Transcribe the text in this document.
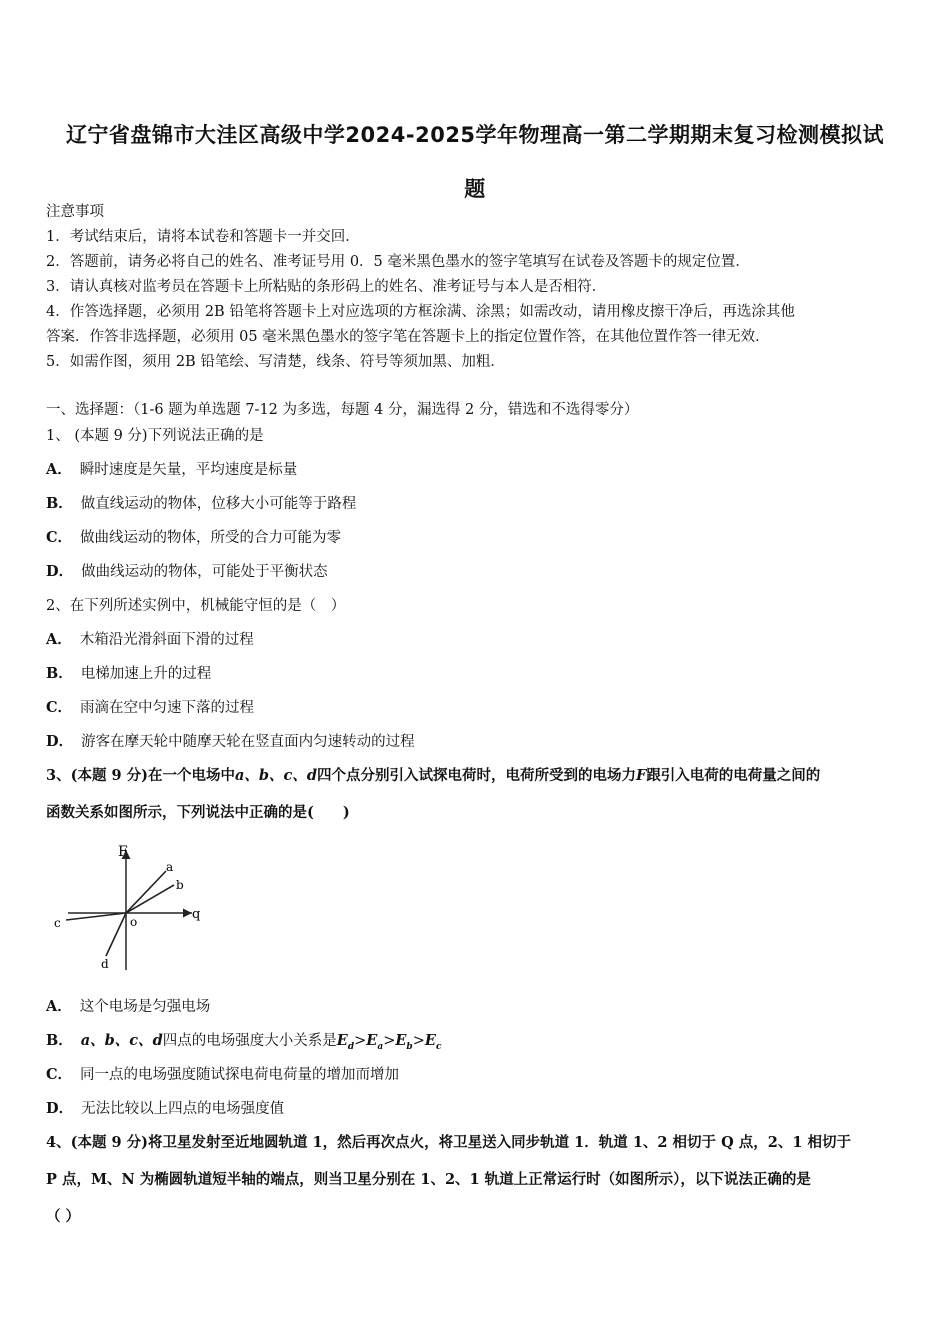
辽宁省盘锦市大洼区高级中学2024-2025学年物理高一第二学期期末复习检测模拟试
题
注意事项
1．考试结束后，请将本试卷和答题卡一并交回．
2．答题前，请务必将自己的姓名、准考证号用 0．5 毫米黑色墨水的签字笔填写在试卷及答题卡的规定位置．
3．请认真核对监考员在答题卡上所粘贴的条形码上的姓名、准考证号与本人是否相符．
4．作答选择题，必须用 2B 铅笔将答题卡上对应选项的方框涂满、涂黑；如需改动，请用橡皮擦干净后，再选涂其他
答案．作答非选择题，必须用 05 毫米黑色墨水的签字笔在答题卡上的指定位置作答，在其他位置作答一律无效．
5．如需作图，须用 2B 铅笔绘、写清楚，线条、符号等须加黑、加粗．
一、选择题：（1-6 题为单选题 7-12 为多选，每题 4 分，漏选得 2 分，错选和不选得零分）
1、 (本题 9 分)下列说法正确的是
A． 瞬时速度是矢量，平均速度是标量
B． 做直线运动的物体，位移大小可能等于路程
C． 做曲线运动的物体，所受的合力可能为零
D． 做曲线运动的物体，可能处于平衡状态
2、在下列所述实例中，机械能守恒的是（　）
A． 木箱沿光滑斜面下滑的过程
B． 电梯加速上升的过程
C． 雨滴在空中匀速下落的过程
D． 游客在摩天轮中随摩天轮在竖直面内匀速转动的过程
3、(本题 9 分)在一个电场中a、b、c、d四个点分别引入试探电荷时，电荷所受到的电场力F跟引入电荷的电荷量之间的
函数关系如图所示，下列说法中正确的是(　　)
F
q
o
a
b
c
d
A． 这个电场是匀强电场
B． a、b、c、d四点的电场强度大小关系是$E_d>E_a>E_b>E_c$
C． 同一点的电场强度随试探电荷电荷量的增加而增加
D． 无法比较以上四点的电场强度值
4、(本题 9 分)将卫星发射至近地圆轨道 1，然后再次点火，将卫星送入同步轨道 1．轨道 1、2 相切于 Q 点，2、1 相切于
P 点，M、N 为椭圆轨道短半轴的端点，则当卫星分别在 1、2、1 轨道上正常运行时（如图所示），以下说法正确的是
（ ）
